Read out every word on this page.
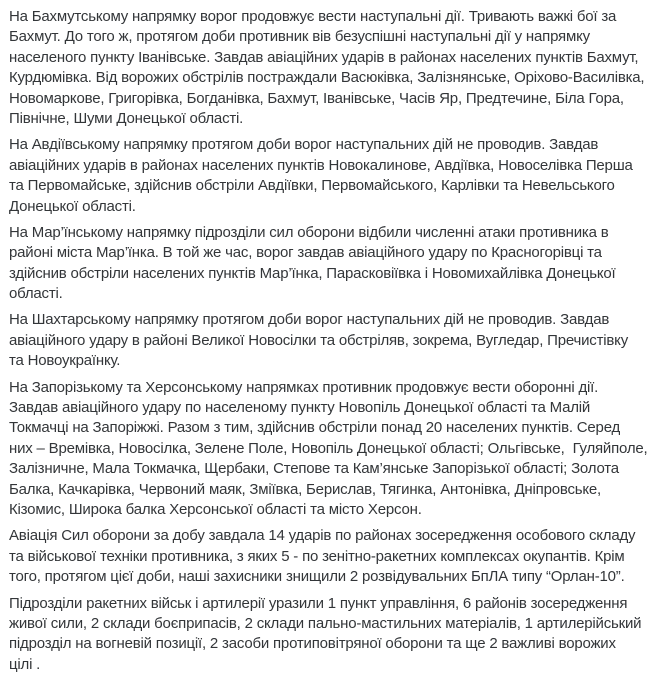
На Бахмутському напрямку ворог продовжує вести наступальні дії. Тривають важкі бої за
Бахмут. До того ж, протягом доби противник вів безуспішні наступальні дії у напрямку
населеного пункту Іванівське. Завдав авіаційних ударів в районах населених пунктів Бахмут,
Курдюмівка. Від ворожих обстрілів постраждали Васюківка, Залізнянське, Оріхово-Василівка,
Новомаркове, Григорівка, Богданівка, Бахмут, Іванівське, Часів Яр, Предтечине, Біла Гора,
Північне, Шуми Донецької області.

На Авдіївському напрямку протягом доби ворог наступальних дій не проводив. Завдав
авіаційних ударів в районах населених пунктів Новокалинове, Авдіївка, Новоселівка Перша
та Первомайське, здійснив обстріли Авдіївки, Первомайського, Карлівки та Невельського
Донецької області.

На Мар’їнському напрямку підрозділи сил оборони відбили численні атаки противника в
районі міста Мар’їнка. В той же час, ворог завдав авіаційного удару по Красногорівці та
здійснив обстріли населених пунктів Мар’їнка, Парасковіївка і Новомихайлівка Донецької
області.

На Шахтарському напрямку протягом доби ворог наступальних дій не проводив. Завдав
авіаційного удару в районі Великої Новосілки та обстріляв, зокрема, Вугледар, Пречистівку
та Новоукраїнку.

На Запорізькому та Херсонському напрямках противник продовжує вести оборонні дії.
Завдав авіаційного удару по населеному пункту Новопіль Донецької області та Малій
Токмачці на Запоріжжі. Разом з тим, здійснив обстріли понад 20 населених пунктів. Серед
них – Времівка, Новосілка, Зелене Поле, Новопіль Донецької області; Ольгівське,  Гуляйполе,
Залізничне, Мала Токмачка, Щербаки, Степове та Кам’янське Запорізької області; Золота
Балка, Качкарівка, Червоний маяк, Зміївка, Берислав, Тягинка, Антонівка, Дніпровське,
Кізомис, Широка балка Херсонської області та місто Херсон.

Авіація Сил оборони за добу завдала 14 ударів по районах зосередження особового складу
та військової техніки противника, з яких 5 - по зенітно-ракетних комплексах окупантів. Крім
того, протягом цієї доби, наші захисники знищили 2 розвідувальних БпЛА типу “Орлан-10”.

Підрозділи ракетних військ і артилерії уразили 1 пункт управління, 6 районів зосередження
живої сили, 2 склади боєприпасів, 2 склади пально-мастильних матеріалів, 1 артилерійський
підрозділ на вогневій позиції, 2 засоби протиповітряної оборони та ще 2 важливі ворожих
цілі .
